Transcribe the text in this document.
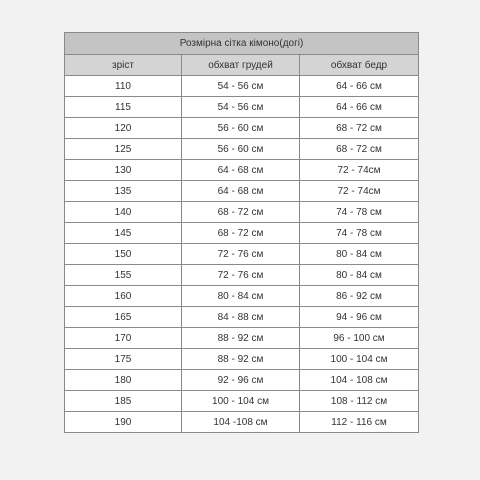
Розмірна сітка кімоно(догі)		
зріст	обхват грудей	обхват бедр
110	54 - 56 см	64 - 66 см
115	54 - 56 см	64 - 66 см
120	56 - 60 см	68 - 72 см
125	56 - 60 см	68 - 72 см
130	64 - 68 см	72 - 74см
135	64 - 68 см	72 - 74см
140	68 - 72 см	74 - 78 см
145	68 - 72 см	74 - 78 см
150	72 - 76 см	80 - 84 см
155	72 - 76 см	80 - 84 см
160	80 - 84 см	86 - 92 см
165	84 - 88 см	94 - 96 см
170	88 - 92 см	96 - 100 см
175	88 - 92 см	100 - 104 см
180	92 - 96 см	104 - 108 см
185	100 - 104 см	108 - 112 см
190	104 -108 см	112 - 116 см
